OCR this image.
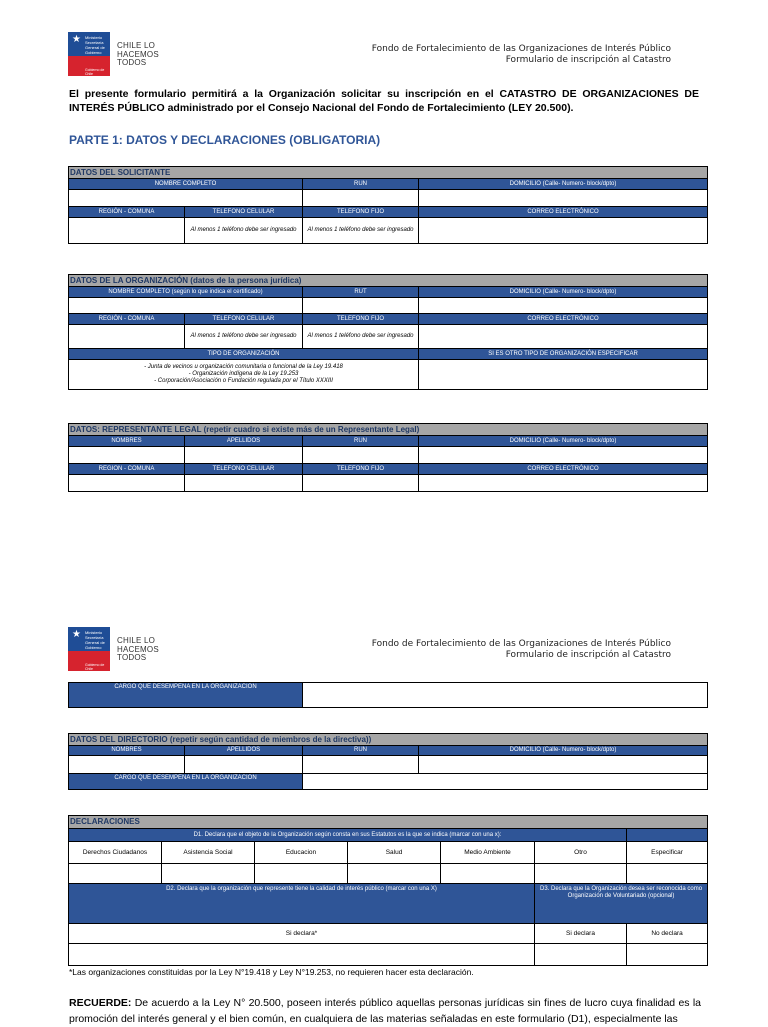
★ Ministerio Secretaría General de Gobierno
Gobierno de Chile
CHILE LO
HACEMOS
TODOS
Fondo de Fortalecimiento de las Organizaciones de Interés Público
Formulario de inscripción al Catastro
El presente formulario permitirá a la Organización solicitar su inscripción en el CATASTRO DE ORGANIZACIONES DE INTERÉS PÚBLICO administrado por el Consejo Nacional del Fondo de Fortalecimiento (LEY 20.500).
PARTE 1: DATOS Y DECLARACIONES (OBLIGATORIA)
DATOS DEL SOLICITANTE			
NOMBRE COMPLETO		RUN	DOMICILIO (Calle- Numero- block/dpto)

REGIÓN - COMUNA	TELEFONO CELULAR	TELEFONO FIJO	CORREO ELECTRÓNICO
	Al menos 1 teléfono debe ser ingresado	Al menos 1 teléfono debe ser ingresado	
DATOS DE LA ORGANIZACIÓN (datos de la persona jurídica)			
NOMBRE COMPLETO (según lo que indica el certificado)		RUT	DOMICILIO (Calle- Numero- block/dpto)

REGIÓN - COMUNA	TELEFONO CELULAR	TELEFONO FIJO	CORREO ELECTRÓNICO
	Al menos 1 teléfono debe ser ingresado	Al menos 1 teléfono debe ser ingresado	
TIPO DE ORGANIZACIÓN			SI ES OTRO TIPO DE ORGANIZACIÓN ESPECIFICAR

- Junta de vecinos u organización comunitaria o funcional de la Ley 19.418
- Organización indígena de la Ley 19.253
- Corporación/Asociación o Fundación regulada por el Título XXXIII			

DATOS: REPRESENTANTE LEGAL (repetir cuadro si existe más de un Representante Legal)			
NOMBRES	APELLIDOS	RUN	DOMICILIO (Calle- Numero- block/dpto)

REGION - COMUNA	TELEFONO CELULAR	TELEFONO FIJO	CORREO ELECTRÓNICO

★ Ministerio Secretaría General de Gobierno
Gobierno de Chile
CHILE LO
HACEMOS
TODOS
Fondo de Fortalecimiento de las Organizaciones de Interés Público
Formulario de inscripción al Catastro
CARGO QUE DESEMPEÑA EN LA ORGANIZACIÓN	
DATOS DEL DIRECTORIO (repetir según cantidad de miembros de la directiva))			
NOMBRES	APELLIDOS	RUN	DOMICILIO (Calle- Numero- block/dpto)

CARGO QUE DESEMPEÑA EN LA ORGANIZACIÓN			
DECLARACIONES						
D1. Declara que el objeto de la Organización según consta en sus Estatutos es la que se indica (marcar con una x):						
Derechos Ciudadanos	Asistencia Social	Educacion	Salud	Medio Ambiente	Otro	Especificar

D2. Declara que la organización que represente tiene la calidad de interés público (marcar con una X)					D3. Declara que la Organización desea ser reconocida como Organización de Voluntariado (opcional)	
Si declara*					Si declara	No declara

*Las organizaciones constituidas por la Ley N°19.418 y Ley N°19.253, no requieren hacer esta declaración.
RECUERDE: De acuerdo a la Ley N° 20.500, poseen interés público aquellas personas jurídicas sin fines de lucro cuya finalidad es la promoción del interés general y el bien común, en cualquiera de las materias señaladas en este formulario (D1), especialmente las
